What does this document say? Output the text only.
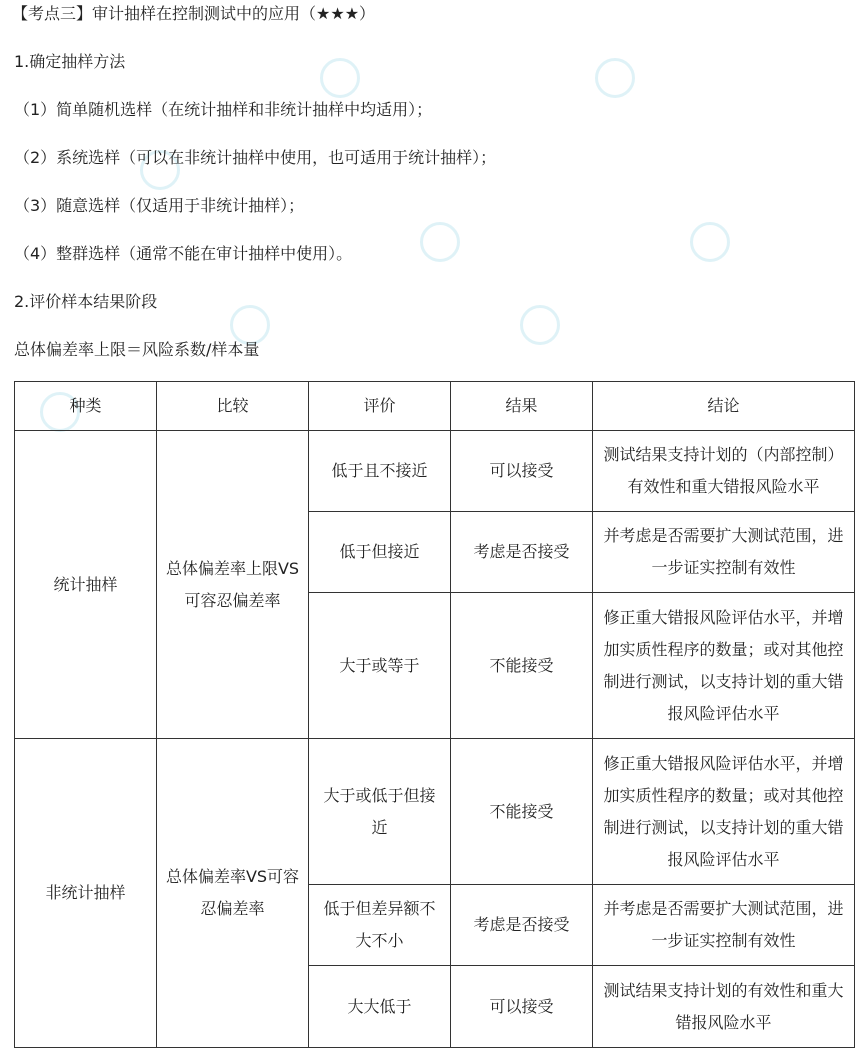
【考点三】审计抽样在控制测试中的应用（★★★）
1.确定抽样方法
（1）简单随机选样（在统计抽样和非统计抽样中均适用）；
（2）系统选样（可以在非统计抽样中使用，也可适用于统计抽样）；
（3）随意选样（仅适用于非统计抽样）；
（4）整群选样（通常不能在审计抽样中使用）。
2.评价样本结果阶段
总体偏差率上限＝风险系数/样本量
种类	比较	评价	结果	结论
统计抽样	总体偏差率上限VS可容忍偏差率	低于且不接近	可以接受	测试结果支持计划的（内部控制）有效性和重大错报风险水平
		低于但接近	考虑是否接受	并考虑是否需要扩大测试范围，进一步证实控制有效性
		大于或等于	不能接受	修正重大错报风险评估水平，并增加实质性程序的数量；或对其他控制进行测试，以支持计划的重大错报风险评估水平
非统计抽样	总体偏差率VS可容忍偏差率	大于或低于但接近	不能接受	修正重大错报风险评估水平，并增加实质性程序的数量；或对其他控制进行测试，以支持计划的重大错报风险评估水平
		低于但差异额不大不小	考虑是否接受	并考虑是否需要扩大测试范围，进一步证实控制有效性
		大大低于	可以接受	测试结果支持计划的有效性和重大错报风险水平
